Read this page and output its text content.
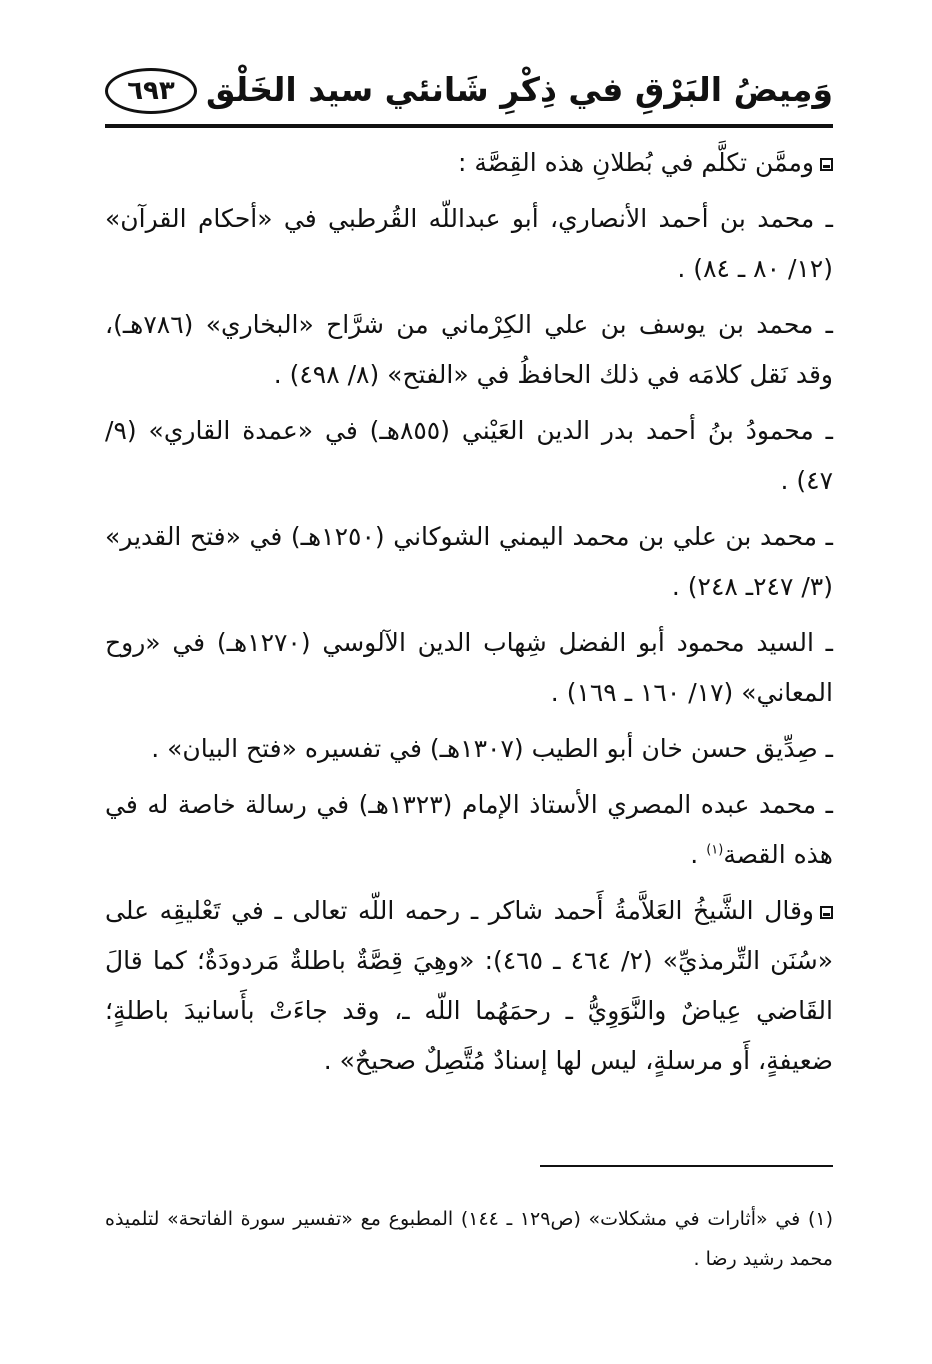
وَمِيضُ البَرْقِ في ذِكْرِ شَانئي سيد الخَلْق
٦٩٣

وممَّن تكلَّم في بُطلانِ هذه القِصَّة :

ـ محمد بن أحمد الأنصاري، أبو عبداللّه القُرطبي في «أحكام القرآن» (١٢/ ٨٠ ـ ٨٤) .

ـ محمد بن يوسف بن علي الكِرْماني من شرَّاح «البخاري» (٧٨٦هـ)، وقد نَقل كلامَه في ذلك الحافظُ في «الفتح» (٨/ ٤٩٨) .

ـ محمودُ بنُ أحمد بدر الدين العَيْني (٨٥٥هـ) في «عمدة القاري» (٩/ ٤٧) .

ـ محمد بن علي بن محمد اليمني الشوكاني (١٢٥٠هـ) في «فتح القدير» (٣/ ٢٤٧ـ ٢٤٨) .

ـ السيد محمود أبو الفضل شِهاب الدين الآلوسي (١٢٧٠هـ) في «روح المعاني» (١٧/ ١٦٠ ـ ١٦٩) .

ـ صِدِّيق حسن خان أبو الطيب (١٣٠٧هـ) في تفسيره «فتح البيان» .

ـ محمد عبده المصري الأستاذ الإمام (١٣٢٣هـ) في رسالة خاصة له في هذه القصة$^{(١)}$ .

وقال الشَّيخُ العَلاَّمةُ أَحمد شاكر ـ رحمه اللّه تعالى ـ في تَعْليقِه على «سُنَن التِّرمذيِّ» (٢/ ٤٦٤ ـ ٤٦٥): «وهِيَ قِصَّةٌ باطلةٌ مَردودَةٌ؛ كما قالَ القَاضي عِياضٌ والنَّوَوِيُّ ـ رحمَهُما اللّه ـ، وقد جاءَتْ بأَسانيدَ باطلةٍ؛ ضعيفةٍ، أَو مرسلةٍ، ليس لها إسنادٌ مُتَّصِلٌ صحيحٌ» .

(١) في «أثارات في مشكلات» (ص١٢٩ ـ ١٤٤) المطبوع مع «تفسير سورة الفاتحة» لتلميذه محمد رشيد رضا .
